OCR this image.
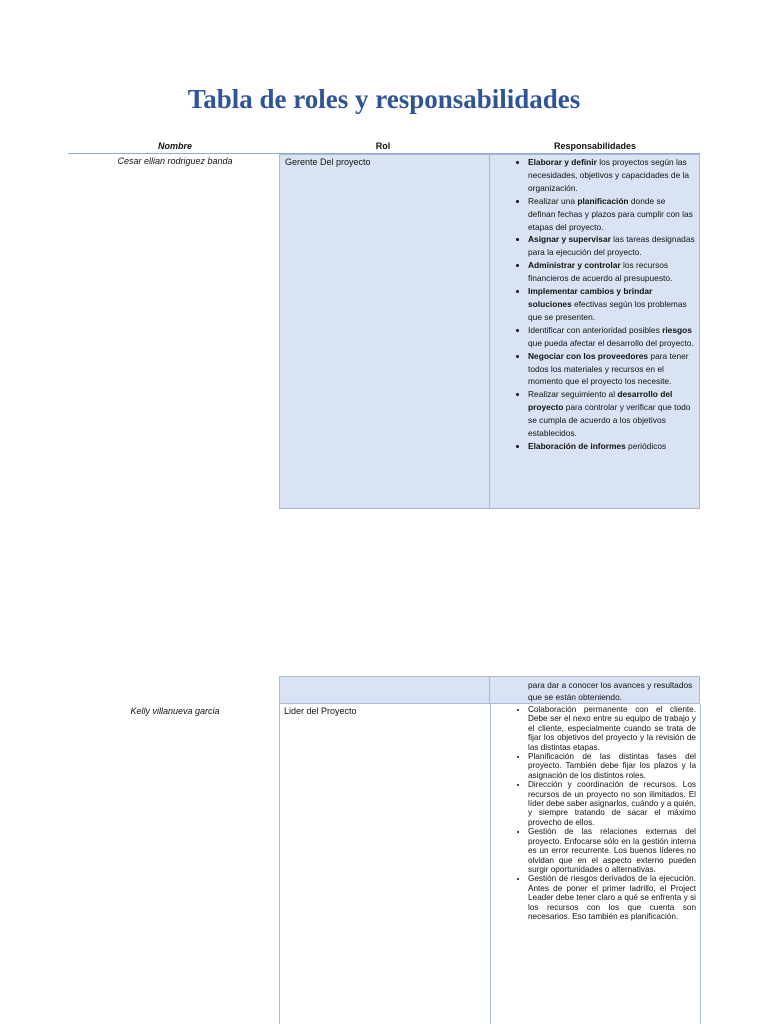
Tabla de roles y responsabilidades
Nombre	Rol	Responsabilidades
Cesar ellian rodriguez banda	Gerente Del proyecto	• Elaborar y definir los proyectos según las necesidades, objetivos y capacidades de la organización.
• Realizar una planificación donde se definan fechas y plazos para cumplir con las etapas del proyecto.
• Asignar y supervisar las tareas designadas para la ejecución del proyecto.
• Administrar y controlar los recursos financieros de acuerdo al presupuesto.
• Implementar cambios y brindar soluciones efectivas según los problemas que se presenten.
• Identificar con anterioridad posibles riesgos que pueda afectar el desarrollo del proyecto.
• Negociar con los proveedores para tener todos los materiales y recursos en el momento que el proyecto los necesite.
• Realizar seguimiento al desarrollo del proyecto para controlar y verificar que todo se cumpla de acuerdo a los objetivos establecidos.
• Elaboración de informes periódicos
para dar a conocer los avances y resultados que se están obteniendo.
Kelly villanueva garcia	Lider del Proyecto	• Colaboración permanente con el cliente. Debe ser el nexo entre su equipo de trabajo y el cliente, especialmente cuando se trata de fijar los objetivos del proyecto y la revisión de las distintas etapas.
• Planificación de las distintas fases del proyecto. También debe fijar los plazos y la asignación de los distintos roles.
• Dirección y coordinación de recursos. Los recursos de un proyecto no son ilimitados. El líder debe saber asignarlos, cuándo y a quién, y siempre tratando de sacar el máximo provecho de ellos.
• Gestión de las relaciones externas del proyecto. Enfocarse sólo en la gestión interna es un error recurrente. Los buenos líderes no olvidan que en el aspecto externo pueden surgir oportunidades o alternativas.
• Gestión de riesgos derivados de la ejecución. Antes de poner el primer ladrillo, el Project Leader debe tener claro a qué se enfrenta y si los recursos con los que cuenta son necesarios. Eso también es planificación.
